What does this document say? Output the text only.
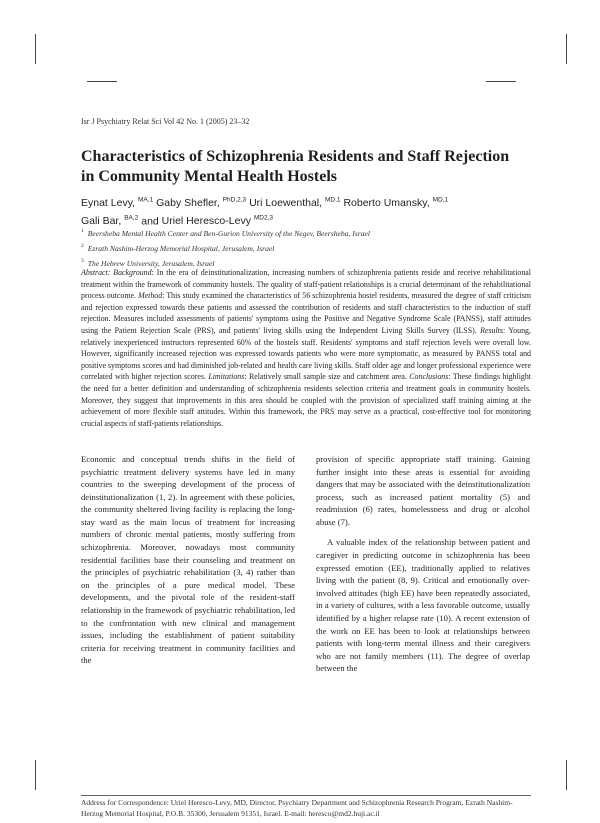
Isr J Psychiatry Relat Sci Vol 42 No. 1 (2005) 23–32
Characteristics of Schizophrenia Residents and Staff Rejection in Community Mental Health Hostels
Eynat Levy, $^{MA,1}$ Gaby Shefler, $^{PhD,2,3}$ Uri Loewenthal, $^{MD,1}$ Roberto Umansky, $^{MD,1}$
Gali Bar, $^{BA,2}$ and Uriel Heresco-Levy $^{MD2,3}$
$^1$ Beersheba Mental Health Center and Ben-Gurion University of the Negev, Beersheba, Israel
$^2$ Ezrath Nashim-Herzog Memorial Hospital, Jerusalem, Israel
$^3$ The Hebrew University, Jerusalem, Israel
Abstract: Background: In the era of deinstitutionalization, increasing numbers of schizophrenia patients reside and receive rehabilitational treatment within the framework of community hostels. The quality of staff-patient relationships is a crucial determinant of the rehabilitational process outcome. Method: This study examined the characteristics of 56 schizophrenia hostel residents, measured the degree of staff criticism and rejection expressed towards these patients and assessed the contribution of residents and staff characteristics to the induction of staff rejection. Measures included assessments of patients' symptoms using the Positive and Negative Syndrome Scale (PANSS), staff attitudes using the Patient Rejection Scale (PRS), and patients' living skills using the Independent Living Skills Survey (ILSS). Results: Young, relatively inexperienced instructors represented 60% of the hostels staff. Residents' symptoms and staff rejection levels were overall low. However, significantly increased rejection was expressed towards patients who were more symptomatic, as measured by PANSS total and positive symptoms scores and had diminished job-related and health care living skills. Staff older age and longer professional experience were correlated with higher rejection scores. Limitations: Relatively small sample size and catchment area. Conclusions: These findings highlight the need for a better definition and understanding of schizophrenia residents selection criteria and treatment goals in community hostels. Moreover, they suggest that improvements in this area should be coupled with the provision of specialized staff training aiming at the achievement of more flexible staff attitudes. Within this framework, the PRS may serve as a practical, cost-effective tool for monitoring crucial aspects of staff-patients relationships.

Economic and conceptual trends shifts in the field of psychiatric treatment delivery systems have led in many countries to the sweeping development of the process of deinstitutionalization (1, 2). In agreement with these policies, the community sheltered living facility is replacing the long-stay ward as the main locus of treatment for increasing numbers of chronic mental patients, mostly suffering from schizophrenia. Moreover, nowadays most community residential facilities base their counseling and treatment on the principles of psychiatric rehabilitation (3, 4) rather than on the principles of a pure medical model. These developments, and the pivotal role of the resident-staff relationship in the framework of psychiatric rehabilitation, led to the confrontation with new clinical and management issues, including the establishment of patient suitability criteria for receiving treatment in community facilities and the

provision of specific appropriate staff training. Gaining further insight into these areas is essential for avoiding dangers that may be associated with the deinstitutionalization process, such as increased patient mortality (5) and readmission (6) rates, homelessness and drug or alcohol abuse (7).

A valuable index of the relationship between patient and caregiver in predicting outcome in schizophrenia has been expressed emotion (EE), traditionally applied to relatives living with the patient (8, 9). Critical and emotionally over-involved attitudes (high EE) have been repeatedly associated, in a variety of cultures, with a less favorable outcome, usually identified by a higher relapse rate (10). A recent extension of the work on EE has been to look at relationships between patients with long-term mental illness and their caregivers who are not family members (11). The degree of overlap between the

Address for Correspondence: Uriel Heresco-Levy, MD, Director, Psychiatry Department and Schizophrenia Research Program, Ezrath Nashim-Herzog Memorial Hospital, P.O.B. 35300, Jerusalem 91351, Israel. E-mail: heresco@md2.huji.ac.il
